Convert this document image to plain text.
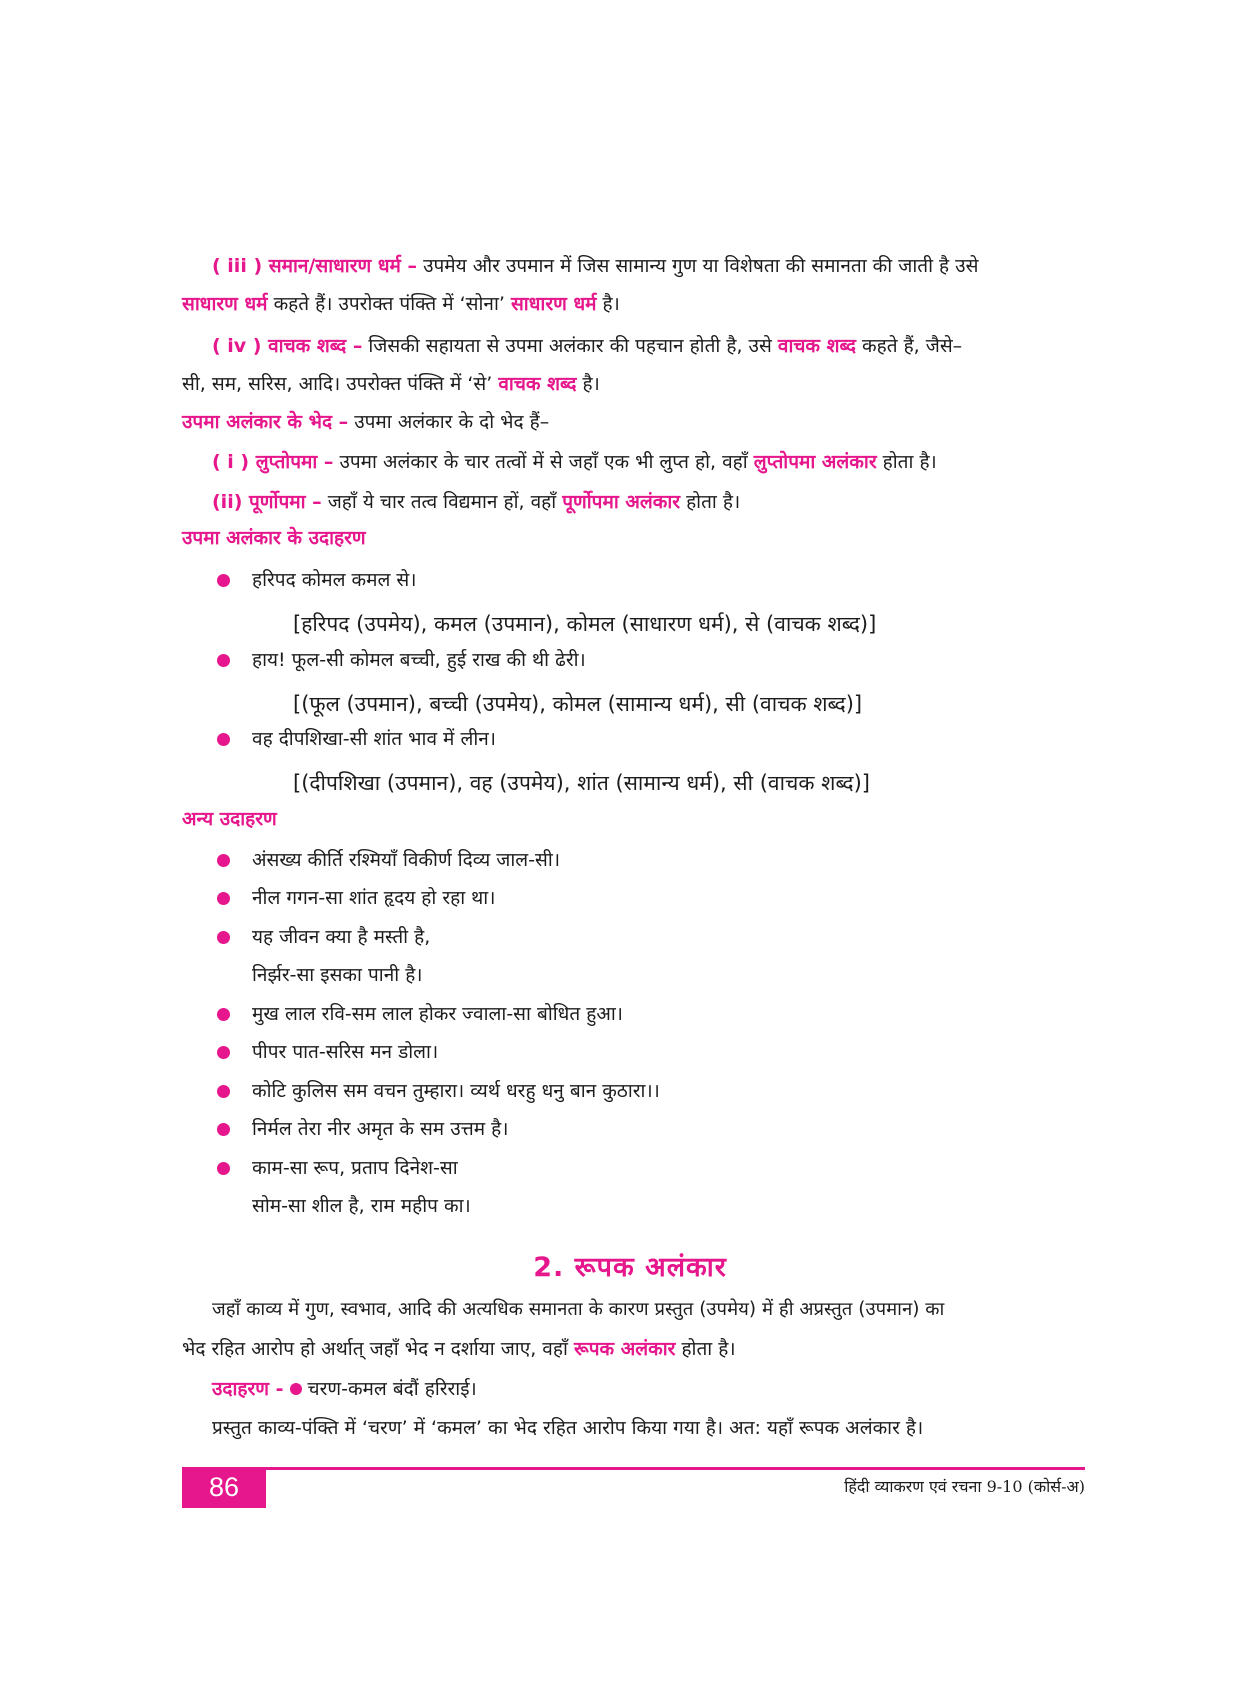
( iii ) समान/साधारण धर्म – उपमेय और उपमान में जिस सामान्य गुण या विशेषता की समानता की जाती है उसे
साधारण धर्म कहते हैं। उपरोक्त पंक्ति में ‘सोना’ साधारण धर्म है।
( iv ) वाचक शब्द – जिसकी सहायता से उपमा अलंकार की पहचान होती है, उसे वाचक शब्द कहते हैं, जैसे–
सी, सम, सरिस, आदि। उपरोक्त पंक्ति में ‘से’ वाचक शब्द है।
उपमा अलंकार के भेद – उपमा अलंकार के दो भेद हैं–
( i ) लुप्तोपमा – उपमा अलंकार के चार तत्वों में से जहाँ एक भी लुप्त हो, वहाँ लुप्तोपमा अलंकार होता है।
(ii) पूर्णोपमा – जहाँ ये चार तत्व विद्यमान हों, वहाँ पूर्णोपमा अलंकार होता है।
उपमा अलंकार के उदाहरण
हरिपद कोमल कमल से।
[हरिपद (उपमेय), कमल (उपमान), कोमल (साधारण धर्म), से (वाचक शब्द)]
हाय! फूल-सी कोमल बच्ची, हुई राख की थी ढेरी।
[(फूल (उपमान), बच्ची (उपमेय), कोमल (सामान्य धर्म), सी (वाचक शब्द)]
वह दीपशिखा-सी शांत भाव में लीन।
[(दीपशिखा (उपमान), वह (उपमेय), शांत (सामान्य धर्म), सी (वाचक शब्द)]
अन्य उदाहरण
अंसख्य कीर्ति रश्मियाँ विकीर्ण दिव्य जाल-सी।
नील गगन-सा शांत हृदय हो रहा था।
यह जीवन क्या है मस्ती है,
निर्झर-सा इसका पानी है।
मुख लाल रवि-सम लाल होकर ज्वाला-सा बोधित हुआ।
पीपर पात-सरिस मन डोला।
कोटि कुलिस सम वचन तुम्हारा। व्यर्थ धरहु धनु बान कुठारा।।
निर्मल तेरा नीर अमृत के सम उत्तम है।
काम-सा रूप, प्रताप दिनेश-सा
सोम-सा शील है, राम महीप का।
2. रूपक अलंकार
जहाँ काव्य में गुण, स्वभाव, आदि की अत्यधिक समानता के कारण प्रस्तुत (उपमेय) में ही अप्रस्तुत (उपमान) का
भेद रहित आरोप हो अर्थात् जहाँ भेद न दर्शाया जाए, वहाँ रूपक अलंकार होता है।
उदाहरण - चरण-कमल बंदौं हरिराई।
प्रस्तुत काव्य-पंक्ति में ‘चरण’ में ‘कमल’ का भेद रहित आरोप किया गया है। अत: यहाँ रूपक अलंकार है।
86	हिंदी व्याकरण एवं रचना 9-10 (कोर्स-अ)
